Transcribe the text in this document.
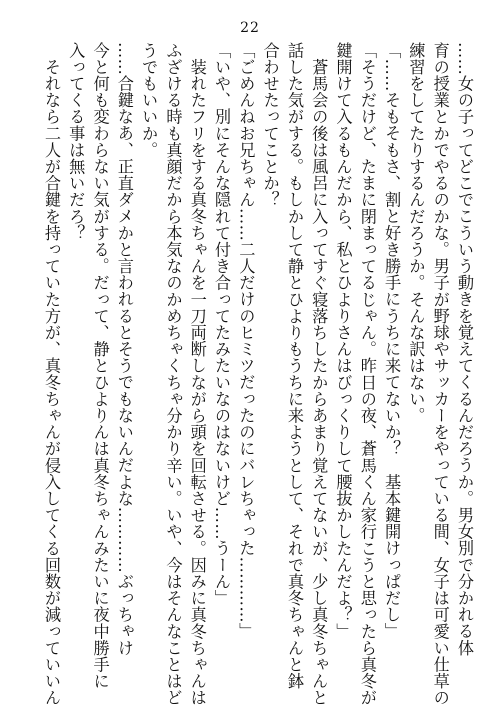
22
……女の子ってどこでこういう動きを覚えてくるんだろうか。男女別で分かれる体
育の授業とかでやるのかな。男子が野球やサッカーをやっている間、女子は可愛い仕草の
練習をしてたりするんだろうか。そんな訳はない。
「……そもそもさ、割と好き勝手にうちに来てないか？　基本鍵開けっぱだし」
「そうだけど、たまに閉まってるじゃん。昨日の夜、蒼馬くん家行こうと思ったら真冬が
鍵開けて入るもんだから、私とひよりさんはびっくりして腰抜かしたんだよ？」
　蒼馬会の後は風呂に入ってすぐ寝落ちしたからあまり覚えてないが、少し真冬ちゃんと
話した気がする。もしかして静とひよりもうちに来ようとして、それで真冬ちゃんと鉢
合わせたってことか？
「ごめんねお兄ちゃん……二人だけのヒミツだったのにバレちゃった…………」
「いや、別にそんな隠れて付き合ってたみたいなのはないけど……うーん」
　装れたフリをする真冬ちゃんを一刀両断しながら頭を回転させる。因みに真冬ちゃんは
ふざける時も真顔だから本気なのかめちゃくちゃ分かり辛い。いや、今はそんなことはど
うでもいいか。
……合鍵なあ、正直ダメかと言われるとそうでもないんだよな…………ぶっちゃけ
今と何も変わらない気がする。だって、静とひよりんは真冬ちゃんみたいに夜中勝手に
入ってくる事は無いだろ？
　それなら二人が合鍵を持っていた方が、真冬ちゃんが侵入してくる回数が減っていいん
